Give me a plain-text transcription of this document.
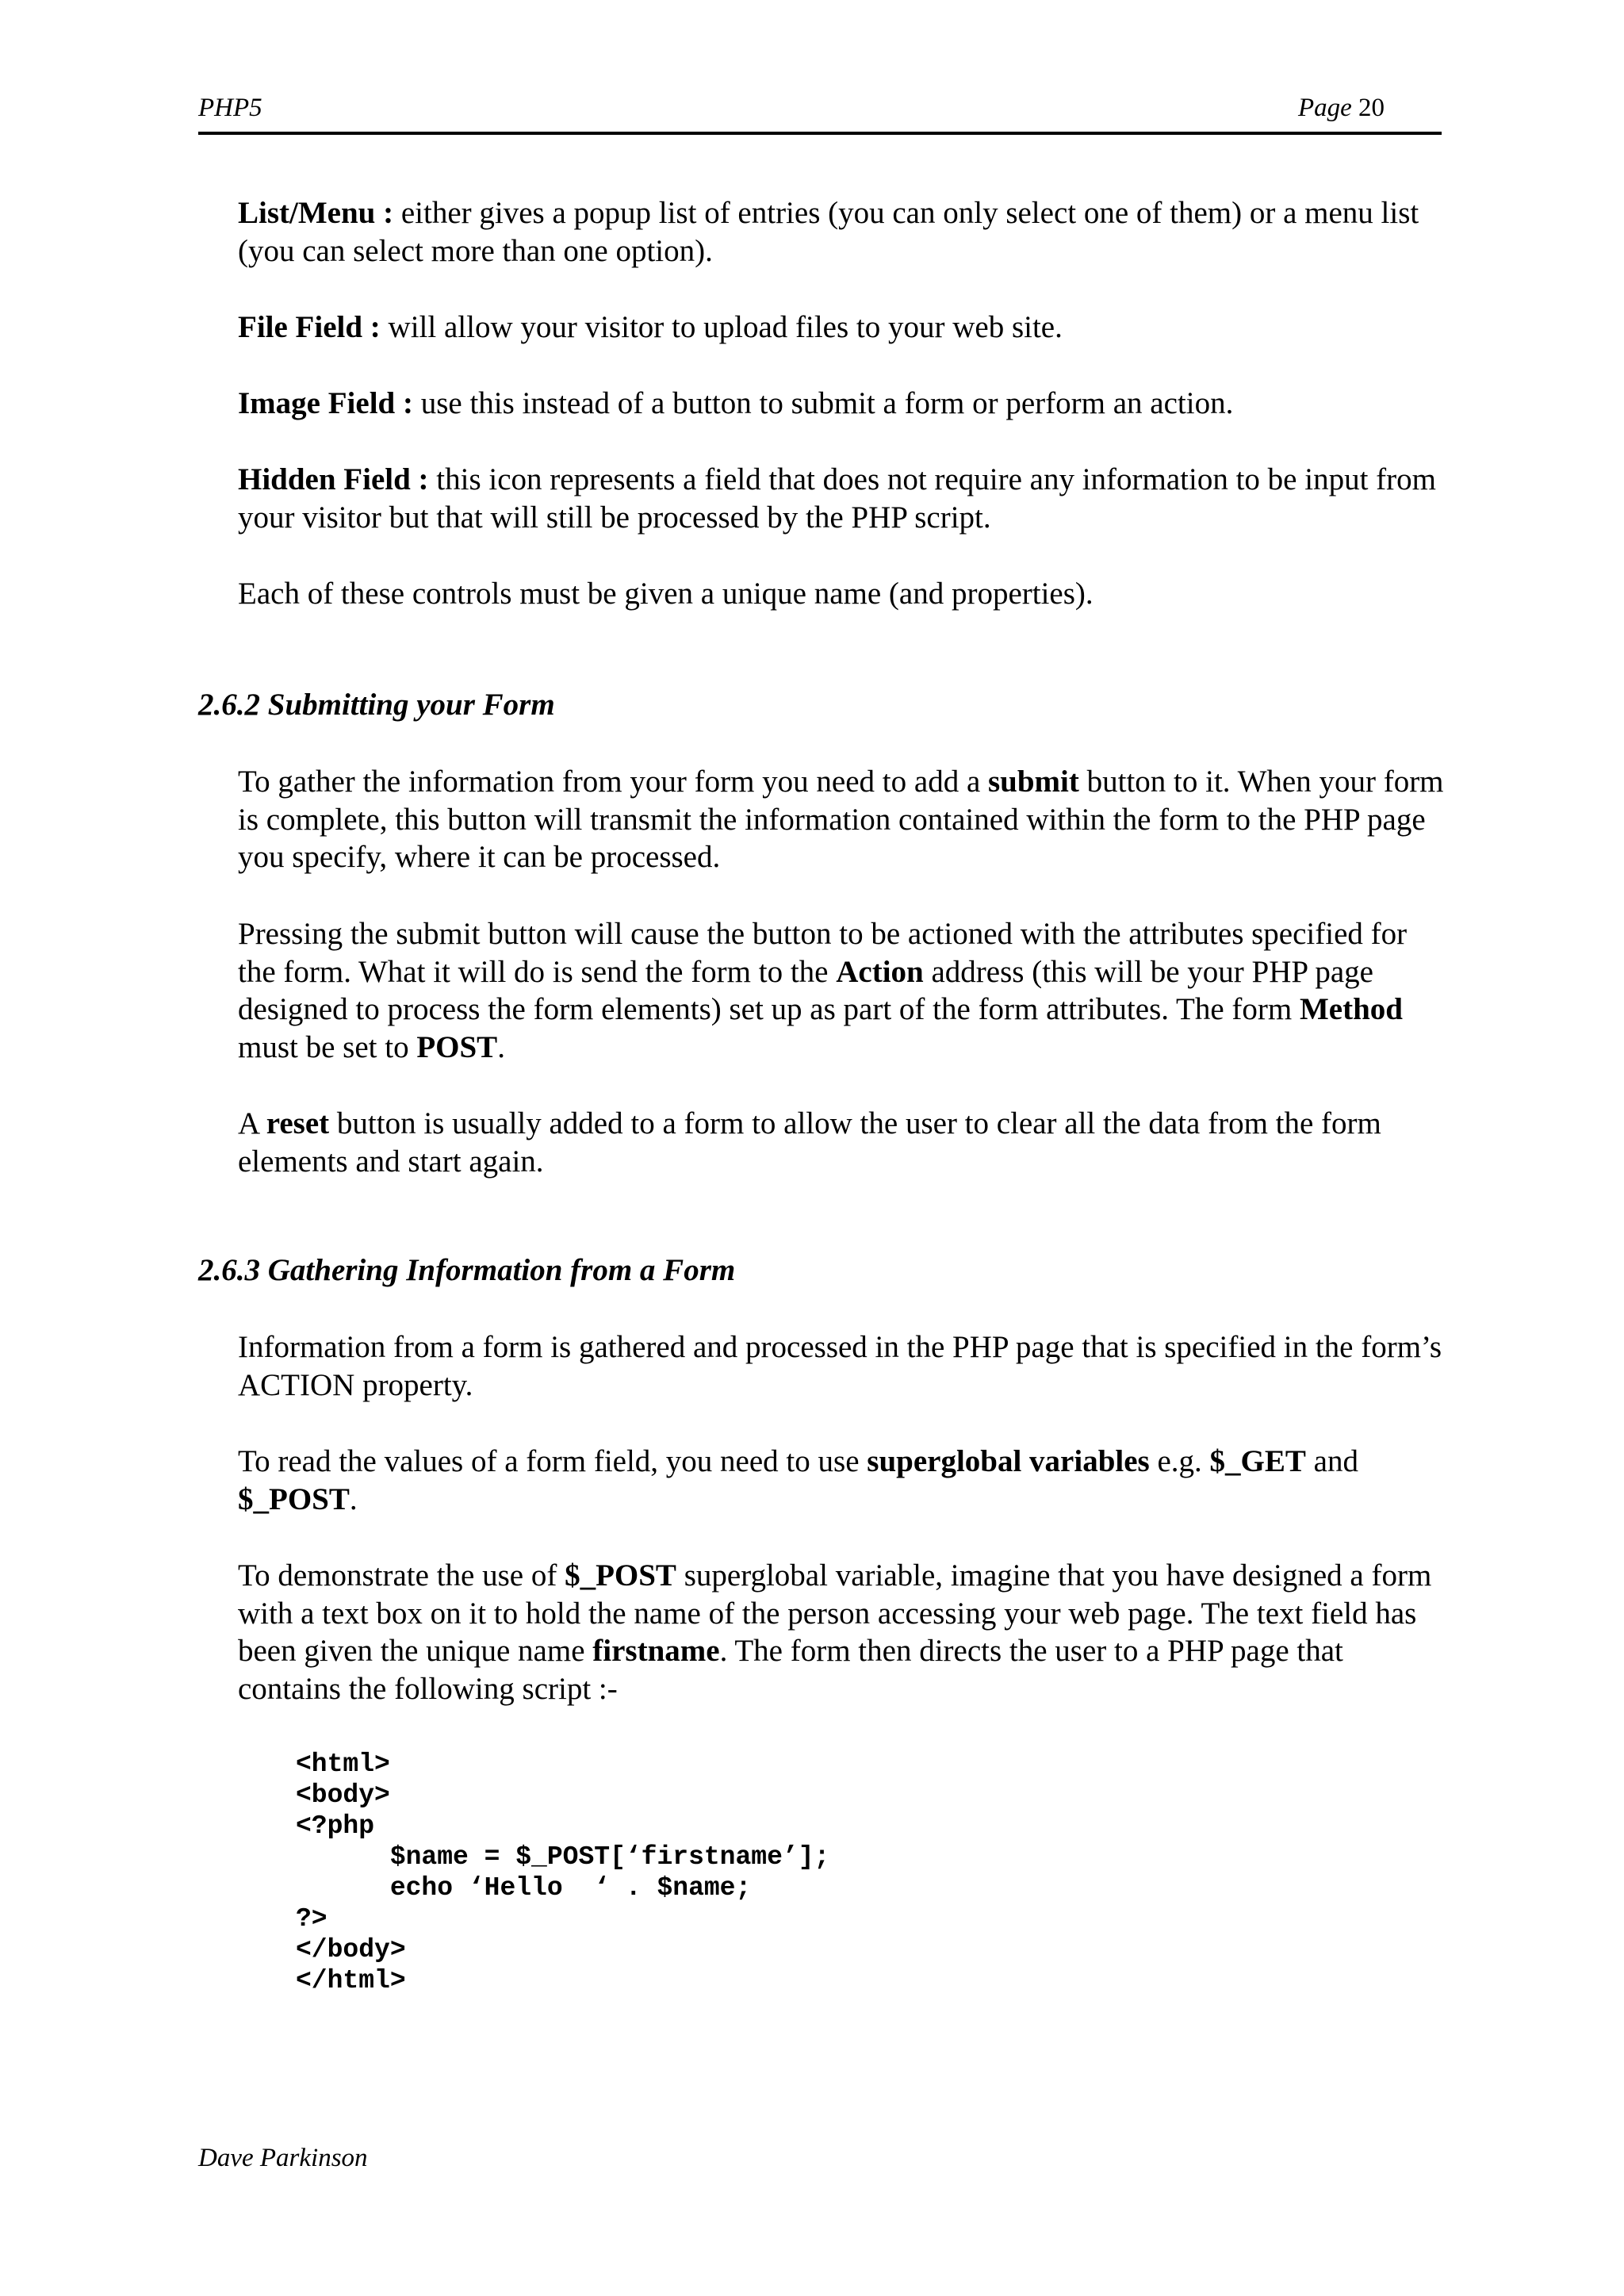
PHP5	Page 20

List/Menu : either gives a popup list of entries (you can only select one of them) or a menu list (you can select more than one option).

File Field : will allow your visitor to upload files to your web site.

Image Field : use this instead of a button to submit a form or perform an action.

Hidden Field : this icon represents a field that does not require any information to be input from your visitor but that will still be processed by the PHP script.

Each of these controls must be given a unique name (and properties).

2.6.2 Submitting your Form

To gather the information from your form you need to add a submit button to it. When your form is complete, this button will transmit the information contained within the form to the PHP page you specify, where it can be processed.

Pressing the submit button will cause the button to be actioned with the attributes specified for the form. What it will do is send the form to the Action address (this will be your PHP page designed to process the form elements) set up as part of the form attributes. The form Method must be set to POST.

A reset button is usually added to a form to allow the user to clear all the data from the form elements and start again.

2.6.3 Gathering Information from a Form

Information from a form is gathered and processed in the PHP page that is specified in the form’s ACTION property.

To read the values of a form field, you need to use superglobal variables e.g. $_GET and $_POST.

To demonstrate the use of $_POST superglobal variable, imagine that you have designed a form with a text box on it to hold the name of the person accessing your web page. The text field has been given the unique name firstname. The form then directs the user to a PHP page that contains the following script :-

<html>
<body>
<?php
$name = $_POST[‘firstname’];
echo ‘Hello  ‘ . $name;
?>
</body>
</html>
Dave Parkinson
